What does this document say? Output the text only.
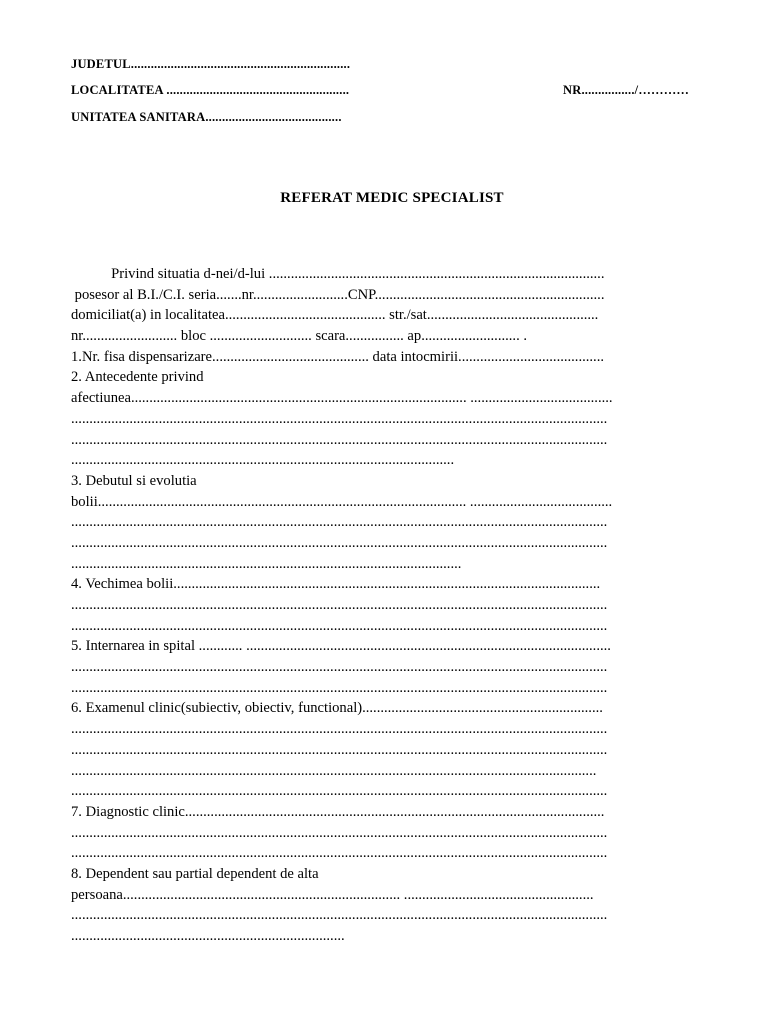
JUDETUL..................................................................
LOCALITATEA .......................................................	NR................/…………
UNITATEA SANITARA.........................................
REFERAT MEDIC SPECIALIST
Privind situatia d-nei/d-lui ............................................................................................
posesor al B.I./C.I. seria.......nr..........................CNP...............................................................
domiciliat(a) in localitatea............................................ str./sat...............................................
nr.......................... bloc ............................ scara................ ap........................... .
1.Nr. fisa dispensarizare........................................... data intocmirii........................................
2. Antecedente privind
afectiunea............................................................................................ .......................................
...................................................................................................................................................
...................................................................................................................................................
.........................................................................................................
3. Debutul si evolutia
bolii..................................................................................................... .......................................
...................................................................................................................................................
...................................................................................................................................................
...........................................................................................................
4. Vechimea bolii.....................................................................................................................
...................................................................................................................................................
...................................................................................................................................................
5. Internarea in spital ............ ....................................................................................................
...................................................................................................................................................
...................................................................................................................................................
6. Examenul clinic(subiectiv, obiectiv, functional)..................................................................
...................................................................................................................................................
...................................................................................................................................................
................................................................................................................................................
...................................................................................................................................................
7. Diagnostic clinic...................................................................................................................
...................................................................................................................................................
...................................................................................................................................................
8. Dependent sau partial dependent de alta
persoana............................................................................ ....................................................
...................................................................................................................................................
...........................................................................
